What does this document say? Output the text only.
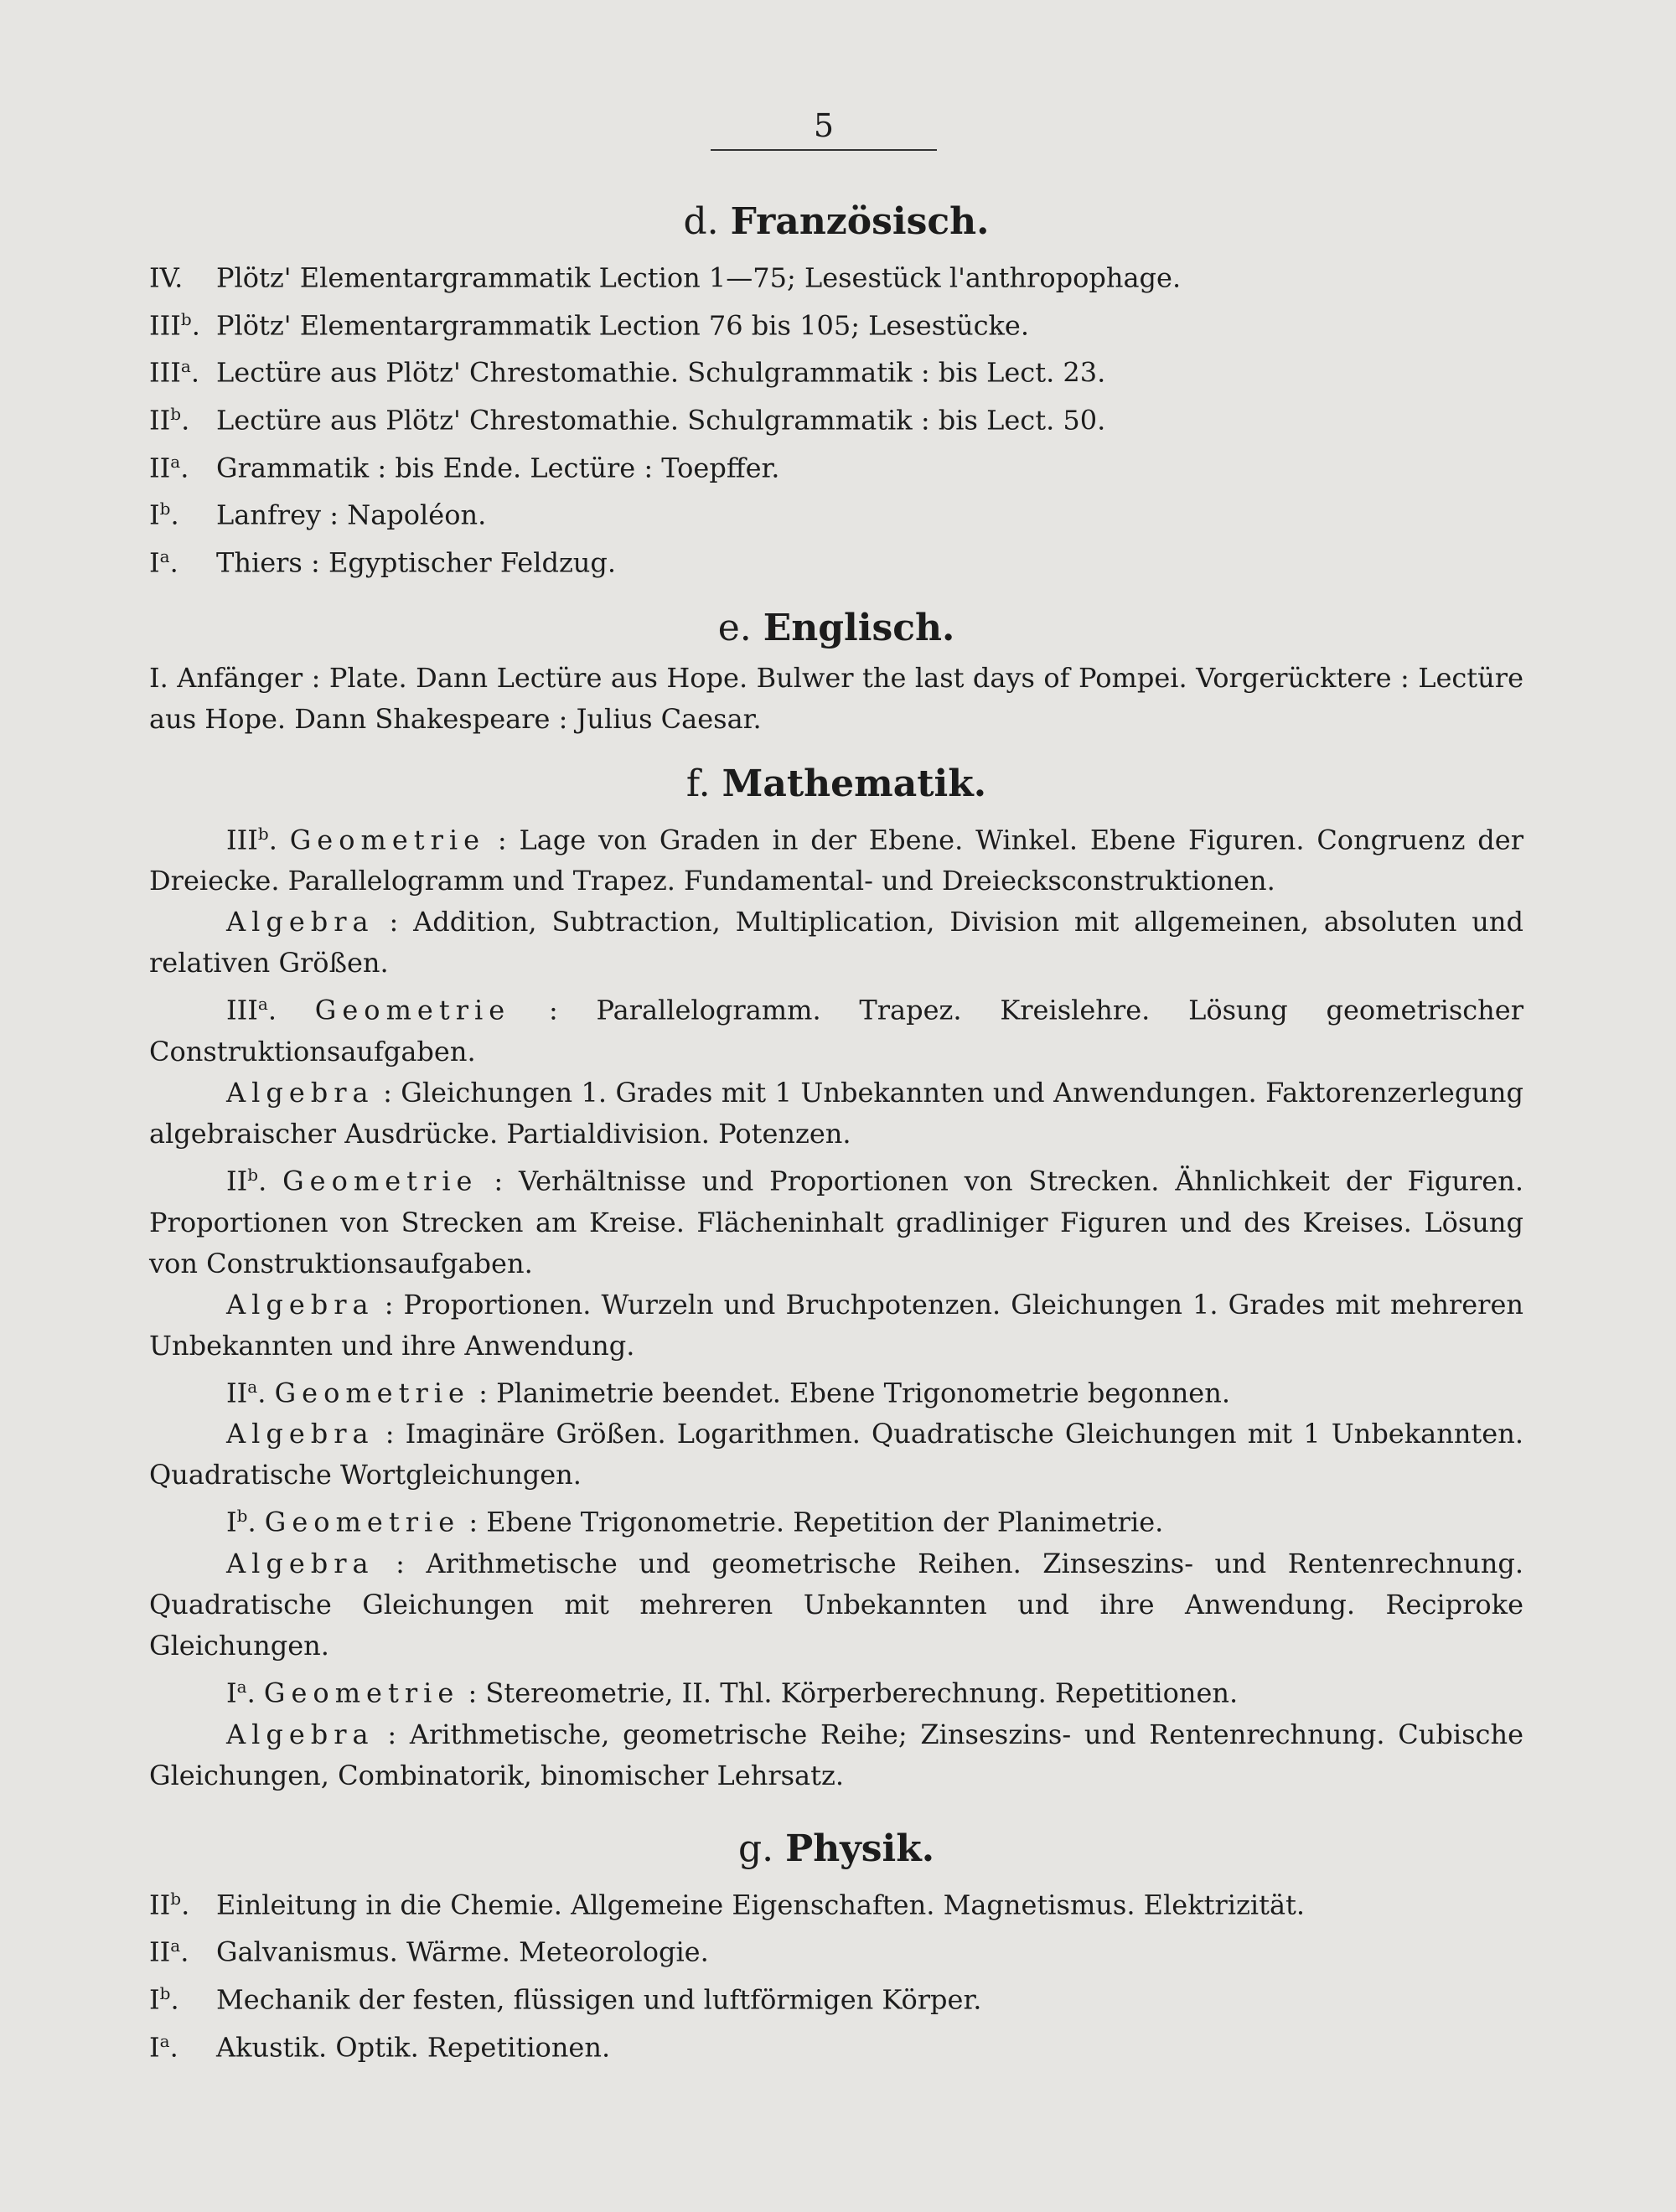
5
d. Französisch.
IV. Plötz' Elementargrammatik Lection 1—75; Lesestück l'anthropophage.
III$^b$. Plötz' Elementargrammatik Lection 76 bis 105; Lesestücke.
III$^a$. Lectüre aus Plötz' Chrestomathie. Schulgrammatik : bis Lect. 23.
$II^b$. Lectüre aus Plötz' Chrestomathie. Schulgrammatik : bis Lect. 50.
$II^a$. Grammatik : bis Ende. Lectüre : Toepffer.
$I^b$. Lanfrey : Napoléon.
$I^a$. Thiers : Egyptischer Feldzug.
e. Englisch.

I. Anfänger : Plate. Dann Lectüre aus Hope. Bulwer the last days of Pompei. Vorgerücktere : Lectüre aus Hope. Dann Shakespeare : Julius Caesar.

f. Mathematik.

III$^b$. Geometrie : Lage von Graden in der Ebene. Winkel. Ebene Figuren. Congruenz der Dreiecke. Parallelogramm und Trapez. Fundamental- und Dreiecksconstruktionen.

Algebra : Addition, Subtraction, Multiplication, Division mit allgemeinen, absoluten und relativen Größen.

III$^a$. Geometrie : Parallelogramm. Trapez. Kreislehre. Lösung geometrischer Construktionsaufgaben.

Algebra : Gleichungen 1. Grades mit 1 Unbekannten und Anwendungen. Faktorenzerlegung algebraischer Ausdrücke. Partialdivision. Potenzen.

$II^b$. Geometrie : Verhältnisse und Proportionen von Strecken. Ähnlichkeit der Figuren. Proportionen von Strecken am Kreise. Flächeninhalt gradliniger Figuren und des Kreises. Lösung von Construktionsaufgaben.

Algebra : Proportionen. Wurzeln und Bruchpotenzen. Gleichungen 1. Grades mit mehreren Unbekannten und ihre Anwendung.

$II^a$. Geometrie : Planimetrie beendet. Ebene Trigonometrie begonnen.

Algebra : Imaginäre Größen. Logarithmen. Quadratische Gleichungen mit 1 Unbekannten. Quadratische Wortgleichungen.

$I^b$. Geometrie : Ebene Trigonometrie. Repetition der Planimetrie.

Algebra : Arithmetische und geometrische Reihen. Zinseszins- und Rentenrechnung. Quadratische Gleichungen mit mehreren Unbekannten und ihre Anwendung. Reciproke Gleichungen.

$I^a$. Geometrie : Stereometrie, II. Thl. Körperberechnung. Repetitionen.

Algebra : Arithmetische, geometrische Reihe; Zinseszins- und Rentenrechnung. Cubische Gleichungen, Combinatorik, binomischer Lehrsatz.

g. Physik.
$II^b$. Einleitung in die Chemie. Allgemeine Eigenschaften. Magnetismus. Elektrizität.
$II^a$. Galvanismus. Wärme. Meteorologie.
$I^b$. Mechanik der festen, flüssigen und luftförmigen Körper.
$I^a$. Akustik. Optik. Repetitionen.
